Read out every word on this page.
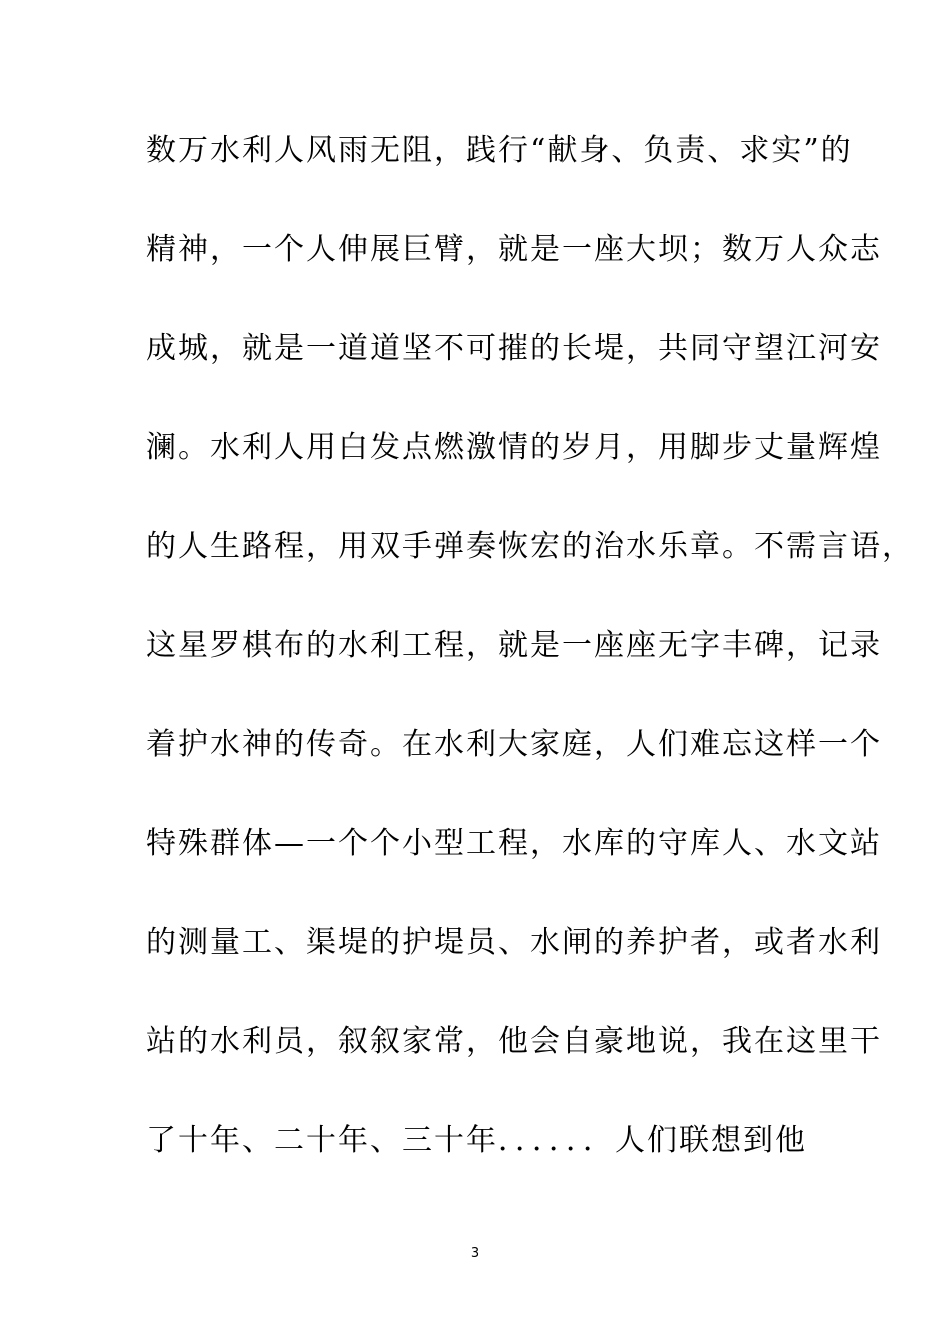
数万水利人风雨无阻，践行“献身、负责、求实”的
精神，一个人伸展巨臂，就是一座大坝；数万人众志
成城，就是一道道坚不可摧的长堤，共同守望江河安
澜。水利人用白发点燃激情的岁月，用脚步丈量辉煌
的人生路程，用双手弹奏恢宏的治水乐章。不需言语，
这星罗棋布的水利工程，就是一座座无字丰碑，记录
着护水神的传奇。在水利大家庭，人们难忘这样一个
特殊群体—一个个小型工程，水库的守库人、水文站
的测量工、渠堤的护堤员、水闸的养护者，或者水利
站的水利员，叙叙家常，他会自豪地说，我在这里干
了十年、二十年、三十年．．．．．．人们联想到他
3
